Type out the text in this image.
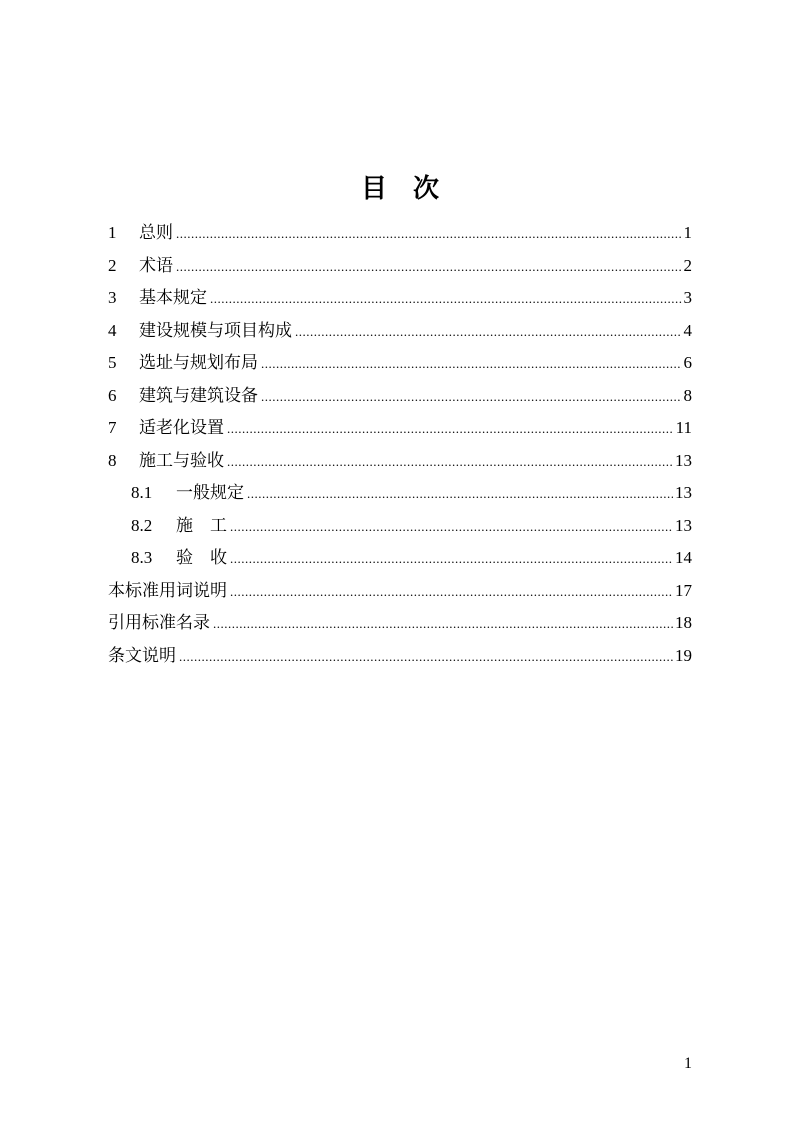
目　次
1	总则 .....	1
2	术语 .....	2
3	基本规定 .....	3
4	建设规模与项目构成 .....	4
5	选址与规划布局 .....	6
6	建筑与建筑设备 .....	8
7	适老化设置 .....	11
8	施工与验收 .....	13
8.1	一般规定 .....	13
8.2	施　工 .....	13
8.3	验　收 .....	14
本标准用词说明 .....	17
引用标准名录 .....	18
条文说明 .....	19
1
